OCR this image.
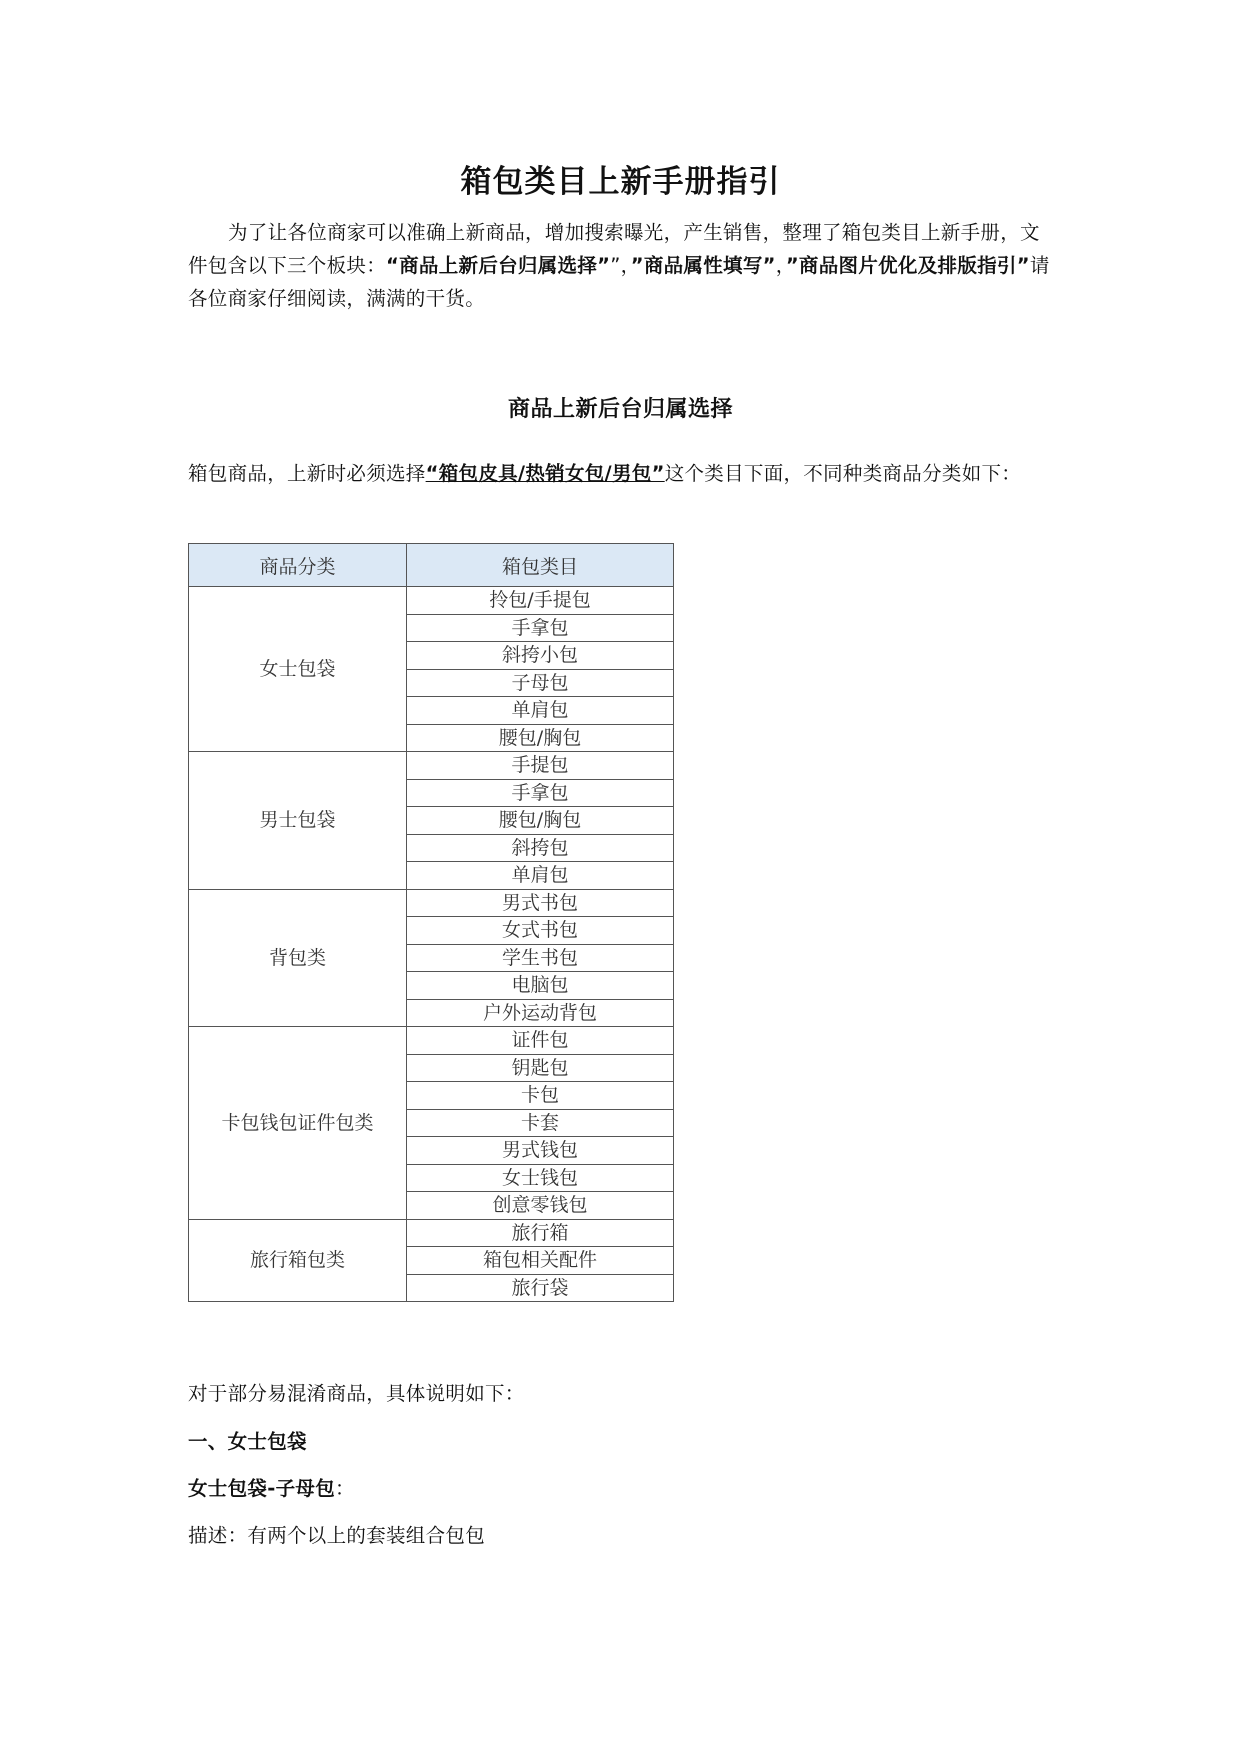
箱包类目上新手册指引
为了让各位商家可以准确上新商品，增加搜索曝光，产生销售，整理了箱包类目上新手册，文件包含以下三个板块：“商品上新后台归属选择””，”商品属性填写”，”商品图片优化及排版指引”请各位商家仔细阅读，满满的干货。
商品上新后台归属选择
箱包商品，上新时必须选择“箱包皮具/热销女包/男包”这个类目下面，不同种类商品分类如下：
商品分类	箱包类目
女士包袋	拎包/手提包
	手拿包
	斜挎小包
	子母包
	单肩包
	腰包/胸包
男士包袋	手提包
	手拿包
	腰包/胸包
	斜挎包
	单肩包
背包类	男式书包
	女式书包
	学生书包
	电脑包
	户外运动背包
卡包钱包证件包类	证件包
	钥匙包
	卡包
	卡套
	男式钱包
	女士钱包
	创意零钱包
旅行箱包类	旅行箱
	箱包相关配件
	旅行袋
对于部分易混淆商品，具体说明如下：
一、女士包袋
女士包袋-子母包：
描述：有两个以上的套装组合包包
